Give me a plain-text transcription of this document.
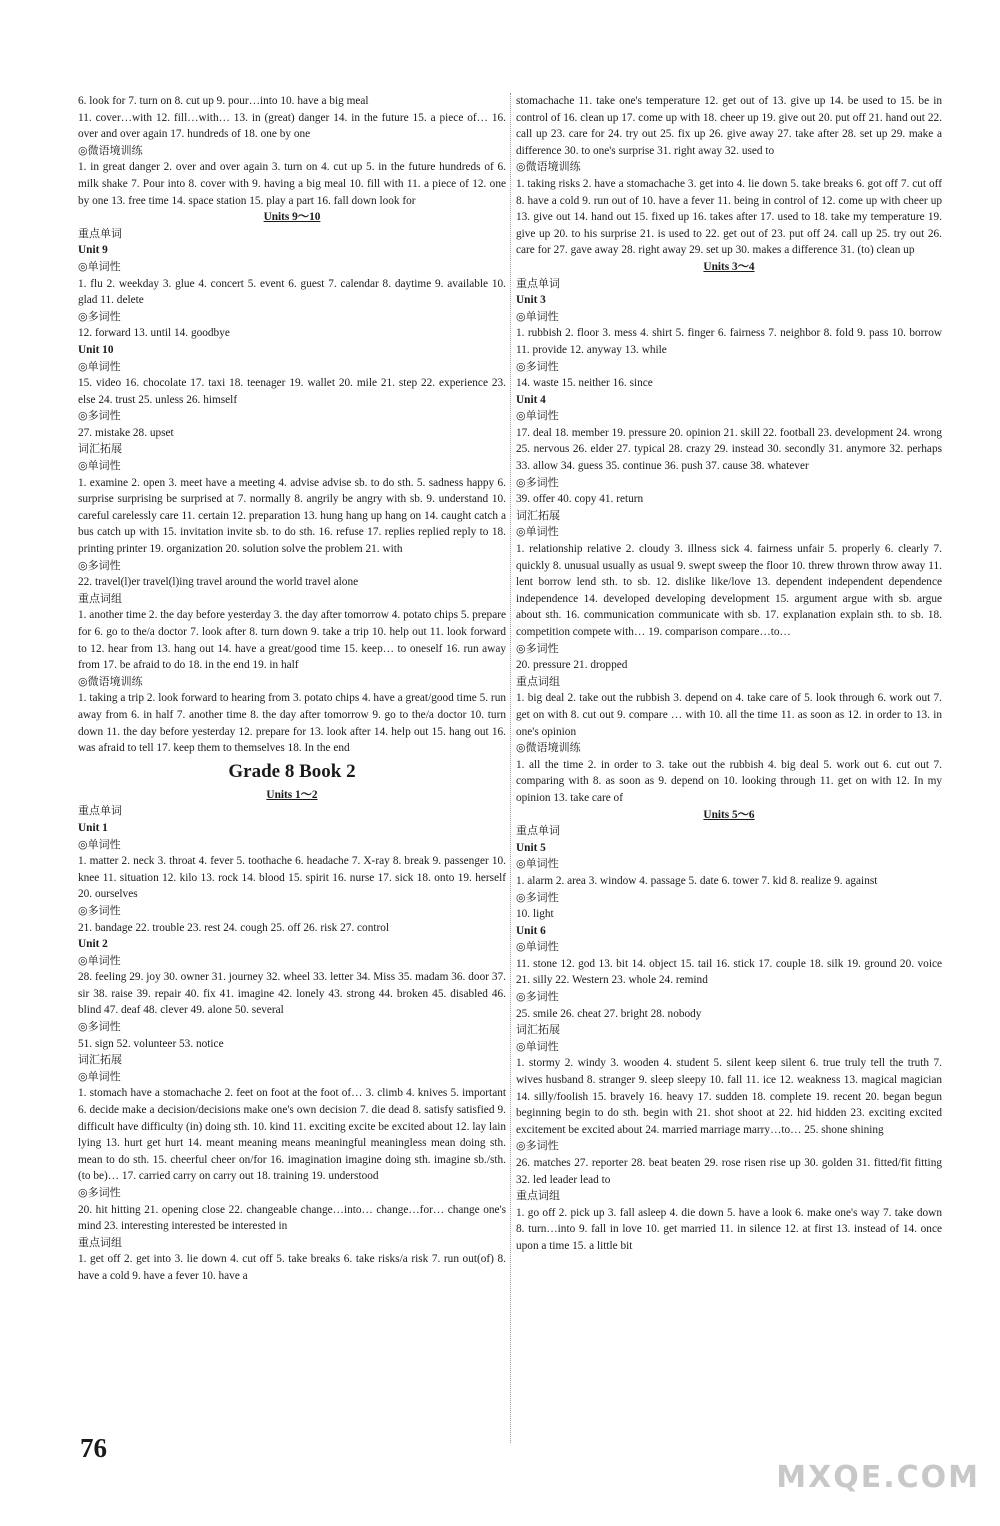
6. look for 7. turn on 8. cut up 9. pour…into 10. have a big meal
11. cover…with 12. fill…with… 13. in (great) danger 14. in the future 15. a piece of… 16. over and over again 17. hundreds of 18. one by one
◎微语境训练
1. in great danger 2. over and over again 3. turn on 4. cut up 5. in the future hundreds of 6. milk shake 7. Pour into 8. cover with 9. having a big meal 10. fill with 11. a piece of 12. one by one 13. free time 14. space station 15. play a part 16. fall down look for
Units 9～10
重点单词
Unit 9
◎单词性
1. flu 2. weekday 3. glue 4. concert 5. event 6. guest 7. calendar 8. daytime 9. available 10. glad 11. delete
◎多词性
12. forward 13. until 14. goodbye
Unit 10
◎单词性
15. video 16. chocolate 17. taxi 18. teenager 19. wallet 20. mile 21. step 22. experience 23. else 24. trust 25. unless 26. himself
◎多词性
27. mistake 28. upset
词汇拓展
◎单词性
1. examine 2. open 3. meet have a meeting 4. advise advise sb. to do sth. 5. sadness happy 6. surprise surprising be surprised at 7. normally 8. angrily be angry with sb. 9. understand 10. careful carelessly care 11. certain 12. preparation 13. hung hang up hang on 14. caught catch a bus catch up with 15. invitation invite sb. to do sth. 16. refuse 17. replies replied reply to 18. printing printer 19. organization 20. solution solve the problem 21. with
◎多词性
22. travel(l)er travel(l)ing travel around the world travel alone
重点词组
1. another time 2. the day before yesterday 3. the day after tomorrow 4. potato chips 5. prepare for 6. go to the/a doctor 7. look after 8. turn down 9. take a trip 10. help out 11. look forward to 12. hear from 13. hang out 14. have a great/good time 15. keep… to oneself 16. run away from 17. be afraid to do 18. in the end 19. in half
◎微语境训练
1. taking a trip 2. look forward to hearing from 3. potato chips 4. have a great/good time 5. run away from 6. in half 7. another time 8. the day after tomorrow 9. go to the/a doctor 10. turn down 11. the day before yesterday 12. prepare for 13. look after 14. help out 15. hang out 16. was afraid to tell 17. keep them to themselves 18. In the end
Grade 8 Book 2
Units 1～2
重点单词
Unit 1
◎单词性
1. matter 2. neck 3. throat 4. fever 5. toothache 6. headache 7. X-ray 8. break 9. passenger 10. knee 11. situation 12. kilo 13. rock 14. blood 15. spirit 16. nurse 17. sick 18. onto 19. herself 20. ourselves
◎多词性
21. bandage 22. trouble 23. rest 24. cough 25. off 26. risk 27. control
Unit 2
◎单词性
28. feeling 29. joy 30. owner 31. journey 32. wheel 33. letter 34. Miss 35. madam 36. door 37. sir 38. raise 39. repair 40. fix 41. imagine 42. lonely 43. strong 44. broken 45. disabled 46. blind 47. deaf 48. clever 49. alone 50. several
◎多词性
51. sign 52. volunteer 53. notice
词汇拓展
◎单词性
1. stomach have a stomachache 2. feet on foot at the foot of… 3. climb 4. knives 5. important 6. decide make a decision/decisions make one's own decision 7. die dead 8. satisfy satisfied 9. difficult have difficulty (in) doing sth. 10. kind 11. exciting excite be excited about 12. lay lain lying 13. hurt get hurt 14. meant meaning means meaningful meaningless mean doing sth. mean to do sth. 15. cheerful cheer on/for 16. imagination imagine doing sth. imagine sb./sth. (to be)… 17. carried carry on carry out 18. training 19. understood
◎多词性
20. hit hitting 21. opening close 22. changeable change…into… change…for… change one's mind 23. interesting interested be interested in
重点词组
1. get off 2. get into 3. lie down 4. cut off 5. take breaks 6. take risks/a risk 7. run out(of) 8. have a cold 9. have a fever 10. have a
stomachache 11. take one's temperature 12. get out of 13. give up 14. be used to 15. be in control of 16. clean up 17. come up with 18. cheer up 19. give out 20. put off 21. hand out 22. call up 23. care for 24. try out 25. fix up 26. give away 27. take after 28. set up 29. make a difference 30. to one's surprise 31. right away 32. used to
◎微语境训练
1. taking risks 2. have a stomachache 3. get into 4. lie down 5. take breaks 6. got off 7. cut off 8. have a cold 9. run out of 10. have a fever 11. being in control of 12. come up with cheer up 13. give out 14. hand out 15. fixed up 16. takes after 17. used to 18. take my temperature 19. give up 20. to his surprise 21. is used to 22. get out of 23. put off 24. call up 25. try out 26. care for 27. gave away 28. right away 29. set up 30. makes a difference 31. (to) clean up
Units 3～4
重点单词
Unit 3
◎单词性
1. rubbish 2. floor 3. mess 4. shirt 5. finger 6. fairness 7. neighbor 8. fold 9. pass 10. borrow 11. provide 12. anyway 13. while
◎多词性
14. waste 15. neither 16. since
Unit 4
◎单词性
17. deal 18. member 19. pressure 20. opinion 21. skill 22. football 23. development 24. wrong 25. nervous 26. elder 27. typical 28. crazy 29. instead 30. secondly 31. anymore 32. perhaps 33. allow 34. guess 35. continue 36. push 37. cause 38. whatever
◎多词性
39. offer 40. copy 41. return
词汇拓展
◎单词性
1. relationship relative 2. cloudy 3. illness sick 4. fairness unfair 5. properly 6. clearly 7. quickly 8. unusual usually as usual 9. swept sweep the floor 10. threw thrown throw away 11. lent borrow lend sth. to sb. 12. dislike like/love 13. dependent independent dependence independence 14. developed developing development 15. argument argue with sb. argue about sth. 16. communication communicate with sb. 17. explanation explain sth. to sb. 18. competition compete with… 19. comparison compare…to…
◎多词性
20. pressure 21. dropped
重点词组
1. big deal 2. take out the rubbish 3. depend on 4. take care of 5. look through 6. work out 7. get on with 8. cut out 9. compare … with 10. all the time 11. as soon as 12. in order to 13. in one's opinion
◎微语境训练
1. all the time 2. in order to 3. take out the rubbish 4. big deal 5. work out 6. cut out 7. comparing with 8. as soon as 9. depend on 10. looking through 11. get on with 12. In my opinion 13. take care of
Units 5～6
重点单词
Unit 5
◎单词性
1. alarm 2. area 3. window 4. passage 5. date 6. tower 7. kid 8. realize 9. against
◎多词性
10. light
Unit 6
◎单词性
11. stone 12. god 13. bit 14. object 15. tail 16. stick 17. couple 18. silk 19. ground 20. voice 21. silly 22. Western 23. whole 24. remind
◎多词性
25. smile 26. cheat 27. bright 28. nobody
词汇拓展
◎单词性
1. stormy 2. windy 3. wooden 4. student 5. silent keep silent 6. true truly tell the truth 7. wives husband 8. stranger 9. sleep sleepy 10. fall 11. ice 12. weakness 13. magical magician 14. silly/foolish 15. bravely 16. heavy 17. sudden 18. complete 19. recent 20. began begun beginning begin to do sth. begin with 21. shot shoot at 22. hid hidden 23. exciting excited excitement be excited about 24. married marriage marry…to… 25. shone shining
◎多词性
26. matches 27. reporter 28. beat beaten 29. rose risen rise up 30. golden 31. fitted/fit fitting 32. led leader lead to
重点词组
1. go off 2. pick up 3. fall asleep 4. die down 5. have a look 6. make one's way 7. take down 8. turn…into 9. fall in love 10. get married 11. in silence 12. at first 13. instead of 14. once upon a time 15. a little bit
76
MXQE.COM
